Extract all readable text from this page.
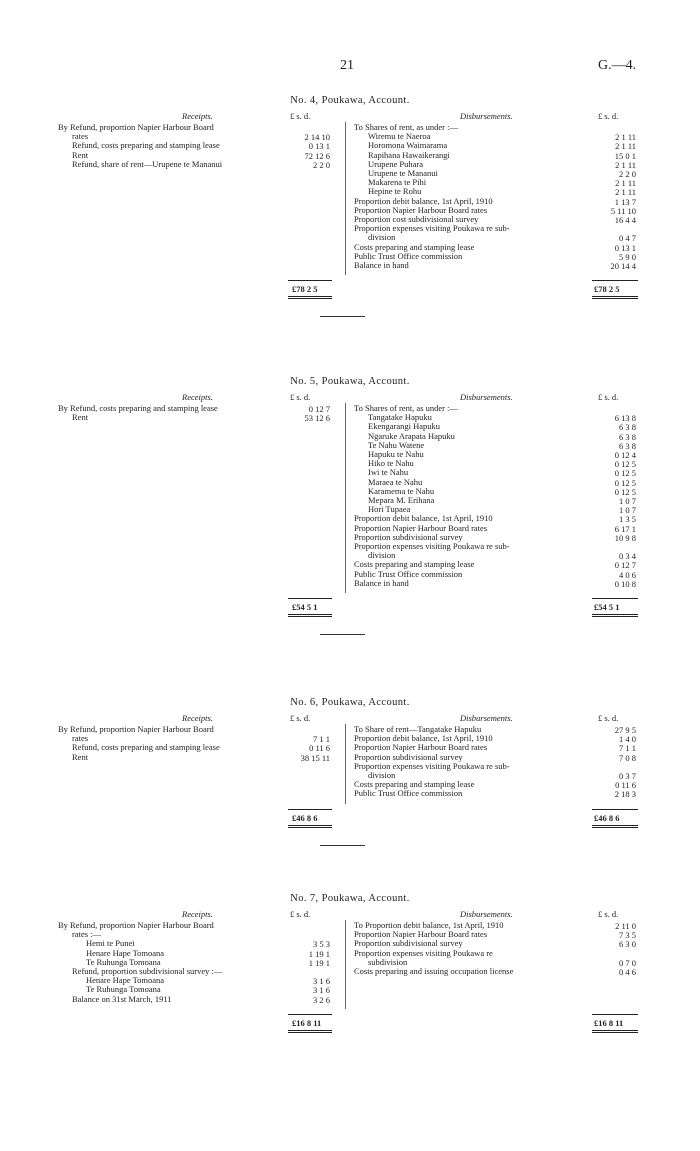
21	G.—4.
No. 4, Poukawa, Account.
Receipts.	£ s. d.	Disbursements.	£ s. d.
By Refund, proportion Napier Harbour Board
rates	2 14 10
Refund, costs preparing and stamping lease	0 13 1
Rent	72 12 6
Refund, share of rent—Urupene te Mananui	2 2 0
To Shares of rent, as under :—
Wiremu te Naeroa	2 1 11
Horomona Waimarama	2 1 11
Rapihana Hawaikerangi	15 0 1
Urupene Puhara	2 1 11
Urupene te Mananui	2 2 0
Makarena te Pihi	2 1 11
Hepine te Rohu	2 1 11
Proportion debit balance, 1st April, 1910	1 13 7
Proportion Napier Harbour Board rates	5 11 10
Proportion cost subdivisional survey	16 4 4
Proportion expenses visiting Poukawa re sub-
division	0 4 7
Costs preparing and stamping lease	0 13 1
Public Trust Office commission	5 9 0
Balance in hand	20 14 4
£78 2 5	£78 2 5
No. 5, Poukawa, Account.
Receipts.	£ s. d.	Disbursements.	£ s. d.
By Refund, costs preparing and stamping lease	0 12 7
Rent	53 12 6
To Shares of rent, as under :—
Tangatake Hapuku	6 13 8
Ekengarangi Hapuku	6 3 8
Ngaruke Arapata Hapuku	6 3 8
Te Nahu Watene	6 3 8
Hapuku te Nahu	0 12 4
Hiko te Nahu	0 12 5
Iwi te Nahu	0 12 5
Maraea te Nahu	0 12 5
Karamema te Nahu	0 12 5
Mepara M. Erihana	1 0 7
Hori Tupaea	1 0 7
Proportion debit balance, 1st April, 1910	1 3 5
Proportion Napier Harbour Board rates	6 17 1
Proportion subdivisional survey	10 9 8
Proportion expenses visiting Poukawa re sub-
division	0 3 4
Costs preparing and stamping lease	0 12 7
Public Trust Office commission	4 0 6
Balance in hand	0 10 8
£54 5 1	£54 5 1
No. 6, Poukawa, Account.
Receipts.	£ s. d.	Disbursements.	£ s. d.
By Refund, proportion Napier Harbour Board
rates	7 1 1
Refund, costs preparing and stamping lease	0 11 6
Rent	38 15 11
To Share of rent—Tangatake Hapuku	27 9 5
Proportion debit balance, 1st April, 1910	1 4 0
Proportion Napier Harbour Board rates	7 1 1
Proportion subdivisional survey	7 0 8
Proportion expenses visiting Poukawa re sub-
division	0 3 7
Costs preparing and stamping lease	0 11 6
Public Trust Office commission	2 18 3
£46 8 6	£46 8 6
No. 7, Poukawa, Account.
Receipts.	£ s. d.	Disbursements.	£ s. d.
By Refund, proportion Napier Harbour Board
rates :—
Hemi te Punei	3 5 3
Henare Hape Tomoana	1 19 1
Te Ruhunga Tomoana	1 19 1
Refund, proportion subdivisional survey :—
Henare Hape Tomoana	3 1 6
Te Ruhunga Tomoana	3 1 6
Balance on 31st March, 1911	3 2 6
To Proportion debit balance, 1st April, 1910	2 11 0
Proportion Napier Harbour Board rates	7 3 5
Proportion subdivisional survey	6 3 0
Proportion expenses visiting Poukawa re
subdivision	0 7 0
Costs preparing and issuing occupation license	0 4 6
£16 8 11	£16 8 11
